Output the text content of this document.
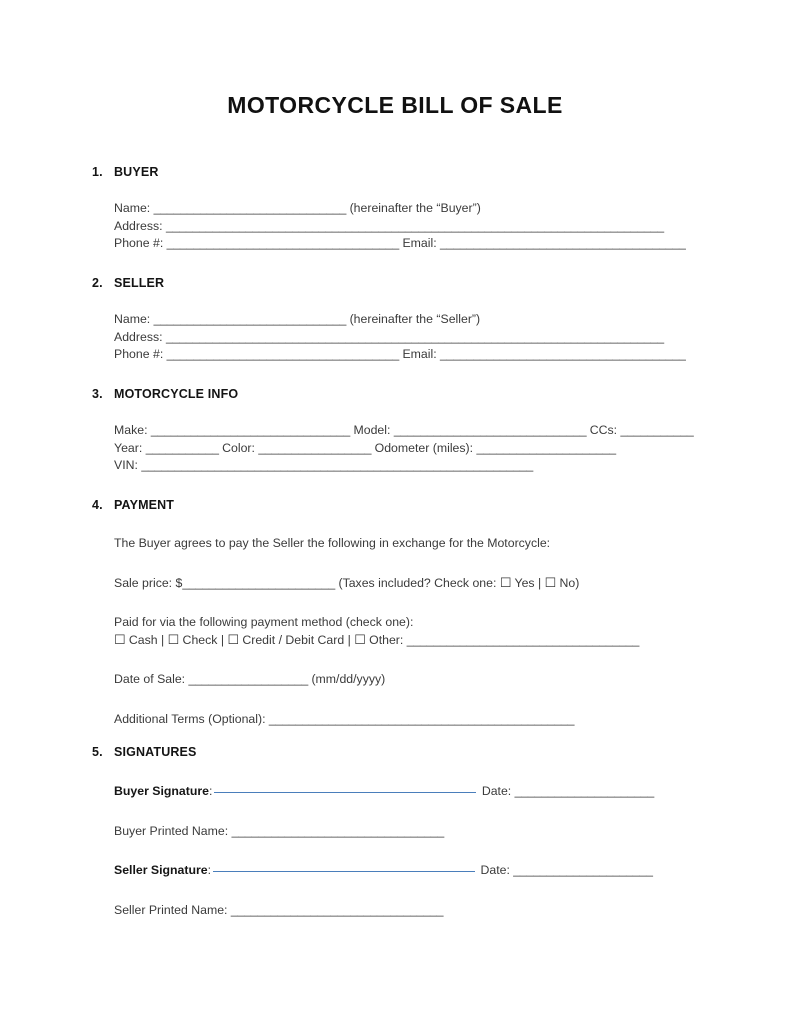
MOTORCYCLE BILL OF SALE
1. BUYER
Name: _____________________________ (hereinafter the “Buyer”)
Address: ___________________________________________________________________________
Phone #: ___________________________________ Email: _____________________________________
2. SELLER
Name: _____________________________ (hereinafter the “Seller”)
Address: ___________________________________________________________________________
Phone #: ___________________________________ Email: _____________________________________
3. MOTORCYCLE INFO
Make: ______________________________ Model: _____________________________ CCs: ___________
Year: ___________ Color: _________________ Odometer (miles): _____________________
VIN: ___________________________________________________________
4. PAYMENT
The Buyer agrees to pay the Seller the following in exchange for the Motorcycle:
Sale price: $_______________________ (Taxes included? Check one: ☐ Yes | ☐ No)
Paid for via the following payment method (check one):
☐ Cash | ☐ Check | ☐ Credit / Debit Card | ☐ Other: ___________________________________
Date of Sale: __________________ (mm/dd/yyyy)
Additional Terms (Optional): ______________________________________________
5. SIGNATURES
Buyer Signature:	Date: _____________________
Buyer Printed Name: ________________________________
Seller Signature:	Date: _____________________
Seller Printed Name: ________________________________
